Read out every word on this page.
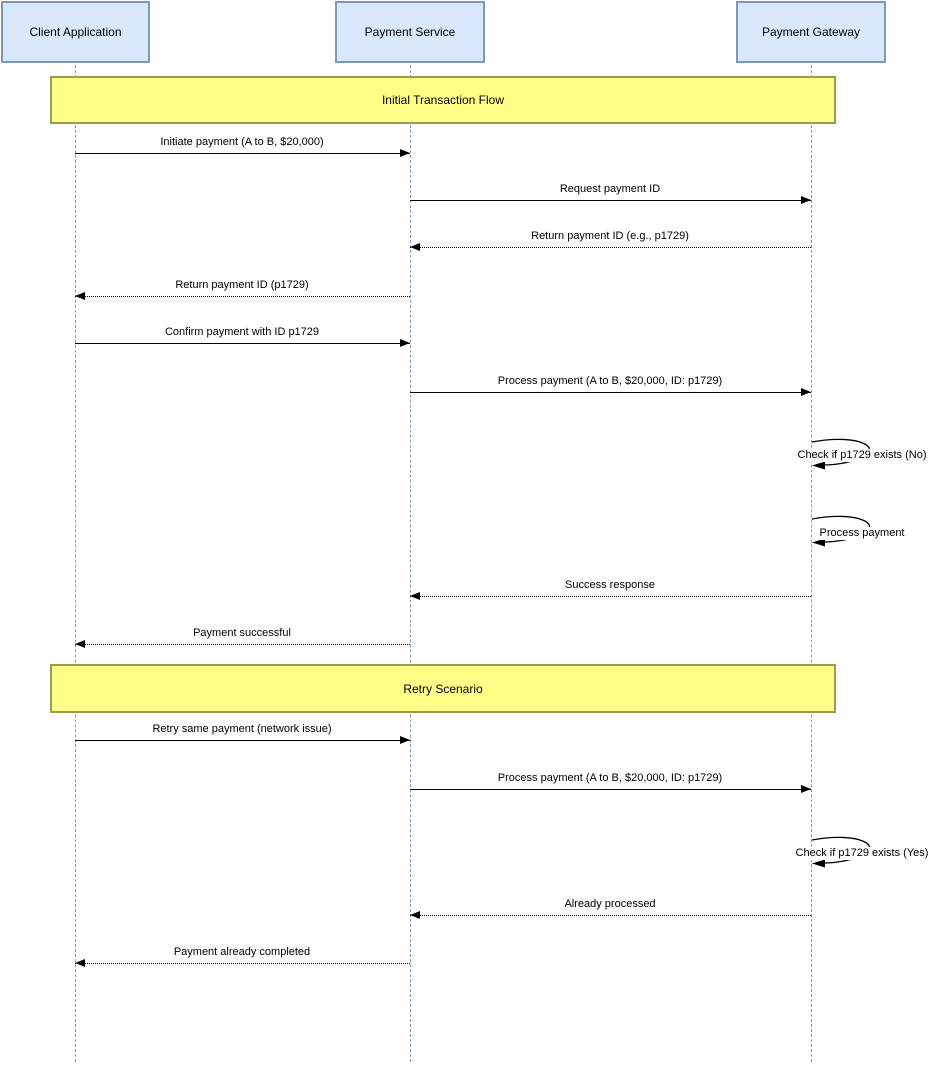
Client Application	Payment Service	Payment Gateway
Initial Transaction Flow
Retry Scenario
Initiate payment (A to B, $20,000)
Request payment ID
Return payment ID (e.g., p1729)
Return payment ID (p1729)
Confirm payment with ID p1729
Process payment (A to B, $20,000, ID: p1729)
Check if p1729 exists (No)
Process payment
Success response
Payment successful
Retry same payment (network issue)
Process payment (A to B, $20,000, ID: p1729)
Check if p1729 exists (Yes)
Already processed
Payment already completed
